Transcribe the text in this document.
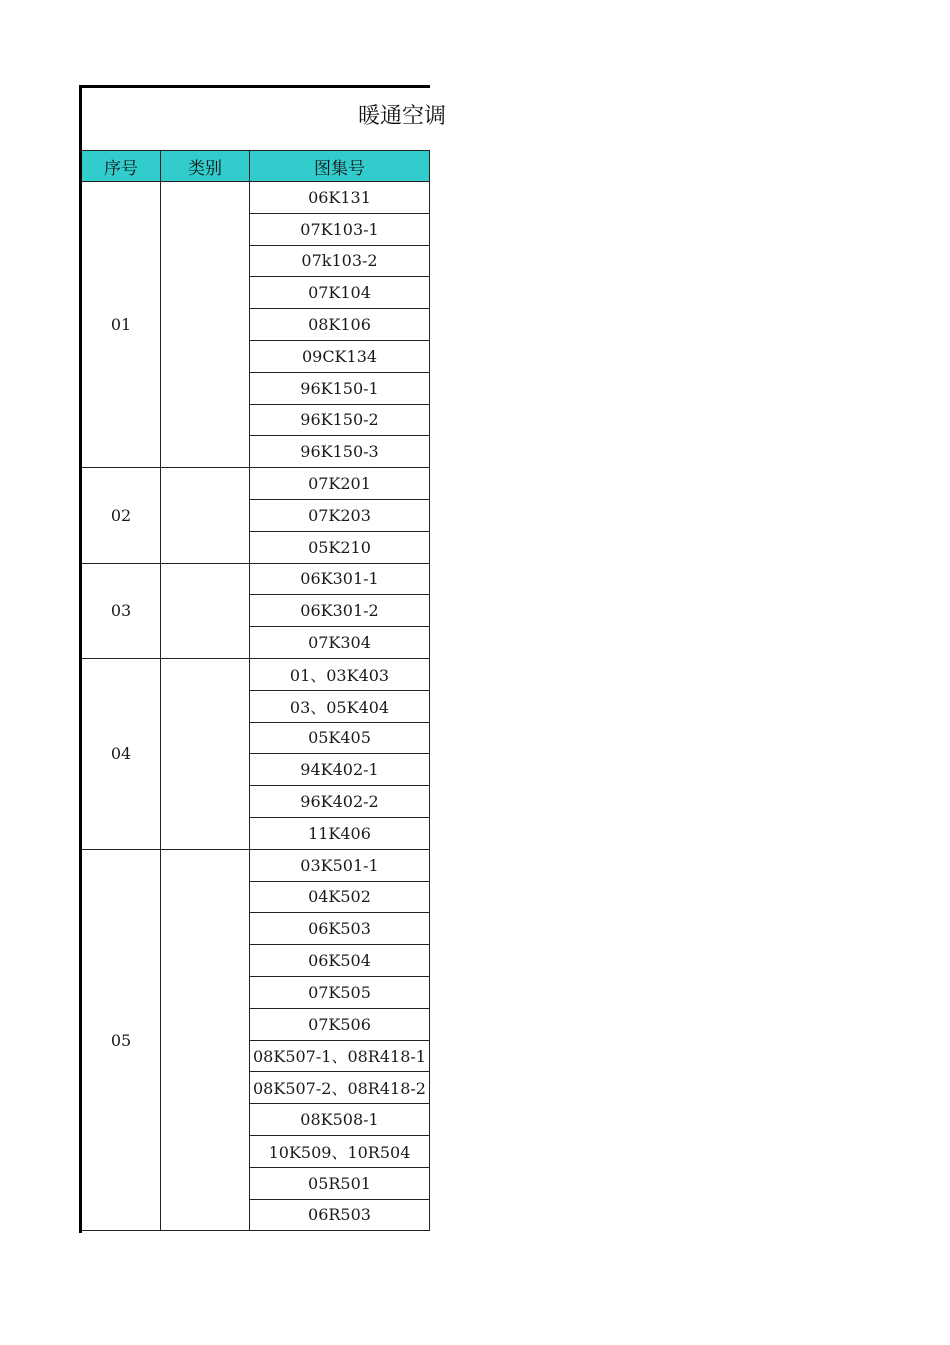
暖通空调
序号	类别	图集号
01
06K131
07K103-1
07k103-2
07K104
08K106
09CK134
96K150-1
96K150-2
96K150-3
02
07K201
07K203
05K210
03
06K301-1
06K301-2
07K304
04
01、03K403
03、05K404
05K405
94K402-1
96K402-2
11K406
05
03K501-1
04K502
06K503
06K504
07K505
07K506
08K507-1、08R418-1
08K507-2、08R418-2
08K508-1
10K509、10R504
05R501
06R503
